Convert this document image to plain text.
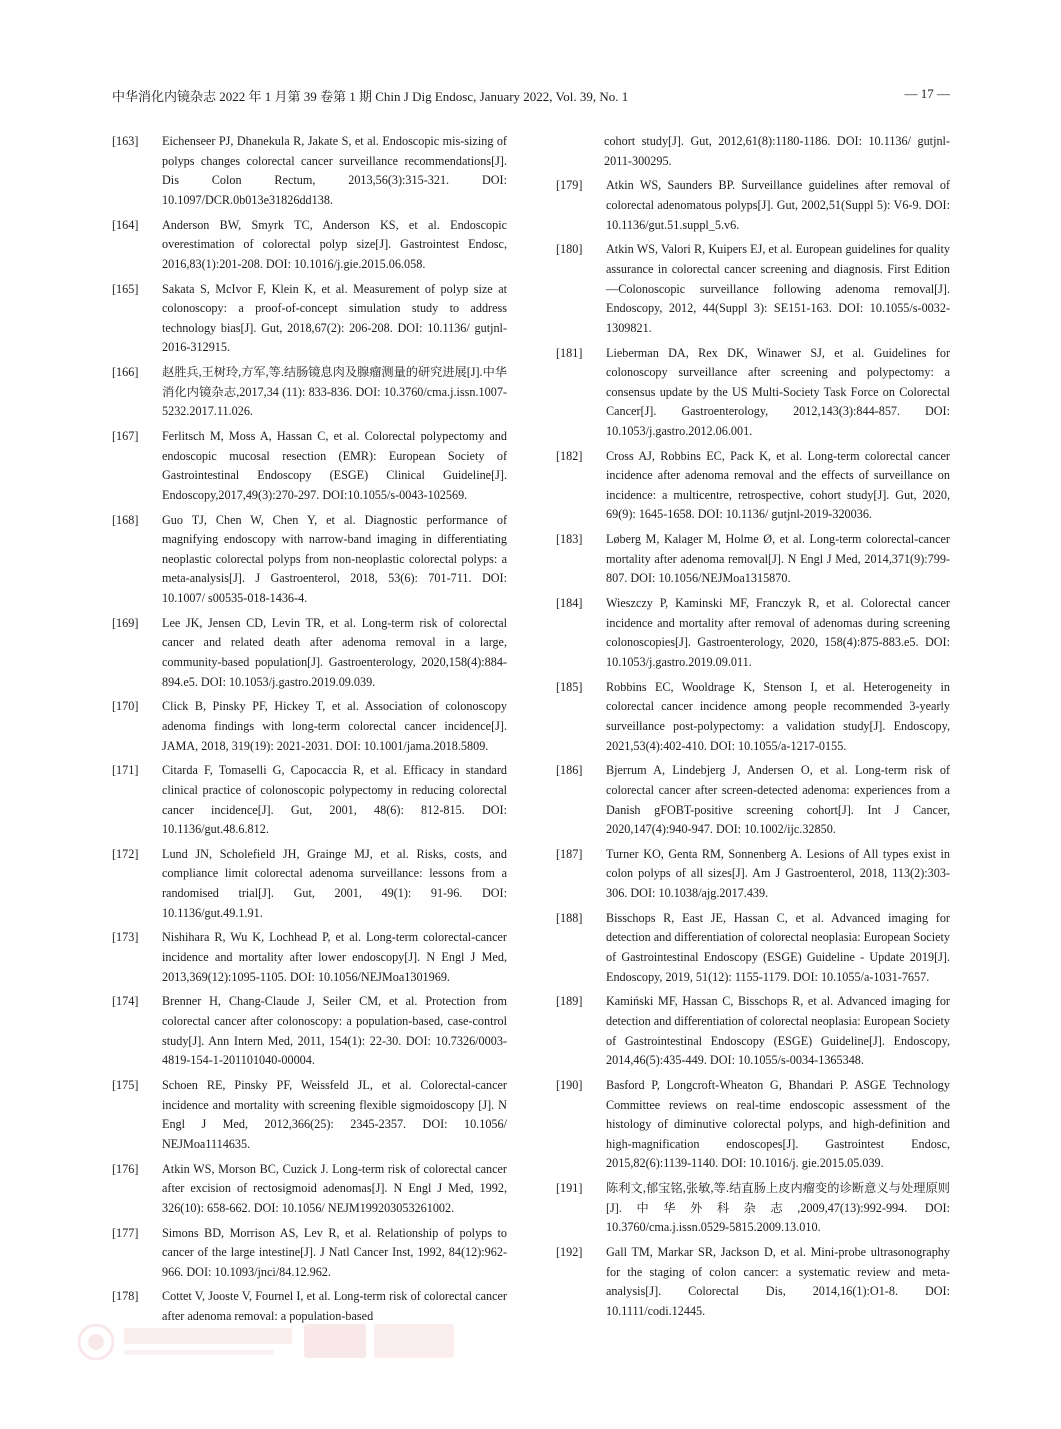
中华消化内镜杂志 2022 年 1 月第 39 卷第 1 期 Chin J Dig Endosc, January 2022, Vol. 39, No. 1	— 17 —
[163] Eichenseer PJ, Dhanekula R, Jakate S, et al. Endoscopic mis-sizing of polyps changes colorectal cancer surveillance recommendations[J]. Dis Colon Rectum, 2013,56(3):315-321. DOI: 10.1097/DCR.0b013e31826dd138.
[164] Anderson BW, Smyrk TC, Anderson KS, et al. Endoscopic overestimation of colorectal polyp size[J]. Gastrointest Endosc, 2016,83(1):201-208. DOI: 10.1016/j.gie.2015.06.058.
[165] Sakata S, McIvor F, Klein K, et al. Measurement of polyp size at colonoscopy: a proof-of-concept simulation study to address technology bias[J]. Gut, 2018,67(2): 206-208. DOI: 10.1136/ gutjnl-2016-312915.
[166] 赵胜兵,王树玲,方军,等.结肠镜息肉及腺瘤测量的研究进展[J].中华消化内镜杂志,2017,34 (11): 833-836. DOI: 10.3760/cma.j.issn.1007-5232.2017.11.026.
[167] Ferlitsch M, Moss A, Hassan C, et al. Colorectal polypectomy and endoscopic mucosal resection (EMR): European Society of Gastrointestinal Endoscopy (ESGE) Clinical Guideline[J]. Endoscopy,2017,49(3):270-297. DOI:10.1055/s-0043-102569.
[168] Guo TJ, Chen W, Chen Y, et al. Diagnostic performance of magnifying endoscopy with narrow-band imaging in differentiating neoplastic colorectal polyps from non-neoplastic colorectal polyps: a meta-analysis[J]. J Gastroenterol, 2018, 53(6): 701-711. DOI: 10.1007/ s00535-018-1436-4.
[169] Lee JK, Jensen CD, Levin TR, et al. Long-term risk of colorectal cancer and related death after adenoma removal in a large, community-based population[J]. Gastroenterology, 2020,158(4):884-894.e5. DOI: 10.1053/j.gastro.2019.09.039.
[170] Click B, Pinsky PF, Hickey T, et al. Association of colonoscopy adenoma findings with long-term colorectal cancer incidence[J]. JAMA, 2018, 319(19): 2021-2031. DOI: 10.1001/jama.2018.5809.
[171] Citarda F, Tomaselli G, Capocaccia R, et al. Efficacy in standard clinical practice of colonoscopic polypectomy in reducing colorectal cancer incidence[J]. Gut, 2001, 48(6): 812-815. DOI: 10.1136/gut.48.6.812.
[172] Lund JN, Scholefield JH, Grainge MJ, et al. Risks, costs, and compliance limit colorectal adenoma surveillance: lessons from a randomised trial[J]. Gut, 2001, 49(1): 91-96. DOI: 10.1136/gut.49.1.91.
[173] Nishihara R, Wu K, Lochhead P, et al. Long-term colorectal-cancer incidence and mortality after lower endoscopy[J]. N Engl J Med, 2013,369(12):1095-1105. DOI: 10.1056/NEJMoa1301969.
[174] Brenner H, Chang-Claude J, Seiler CM, et al. Protection from colorectal cancer after colonoscopy: a population-based, case-control study[J]. Ann Intern Med, 2011, 154(1): 22-30. DOI: 10.7326/0003-4819-154-1-201101040-00004.
[175] Schoen RE, Pinsky PF, Weissfeld JL, et al. Colorectal-cancer incidence and mortality with screening flexible sigmoidoscopy [J]. N Engl J Med, 2012,366(25): 2345-2357. DOI: 10.1056/ NEJMoa1114635.
[176] Atkin WS, Morson BC, Cuzick J. Long-term risk of colorectal cancer after excision of rectosigmoid adenomas[J]. N Engl J Med, 1992, 326(10): 658-662. DOI: 10.1056/ NEJM199203053261002.
[177] Simons BD, Morrison AS, Lev R, et al. Relationship of polyps to cancer of the large intestine[J]. J Natl Cancer Inst, 1992, 84(12):962-966. DOI: 10.1093/jnci/84.12.962.
[178] Cottet V, Jooste V, Fournel I, et al. Long-term risk of colorectal cancer after adenoma removal: a population-based
cohort study[J]. Gut, 2012,61(8):1180-1186. DOI: 10.1136/ gutjnl-2011-300295.
[179] Atkin WS, Saunders BP. Surveillance guidelines after removal of colorectal adenomatous polyps[J]. Gut, 2002,51(Suppl 5): V6-9. DOI: 10.1136/gut.51.suppl_5.v6.
[180] Atkin WS, Valori R, Kuipers EJ, et al. European guidelines for quality assurance in colorectal cancer screening and diagnosis. First Edition—Colonoscopic surveillance following adenoma removal[J]. Endoscopy, 2012, 44(Suppl 3): SE151-163. DOI: 10.1055/s-0032-1309821.
[181] Lieberman DA, Rex DK, Winawer SJ, et al. Guidelines for colonoscopy surveillance after screening and polypectomy: a consensus update by the US Multi-Society Task Force on Colorectal Cancer[J]. Gastroenterology, 2012,143(3):844-857. DOI: 10.1053/j.gastro.2012.06.001.
[182] Cross AJ, Robbins EC, Pack K, et al. Long-term colorectal cancer incidence after adenoma removal and the effects of surveillance on incidence: a multicentre, retrospective, cohort study[J]. Gut, 2020, 69(9): 1645-1658. DOI: 10.1136/ gutjnl-2019-320036.
[183] Løberg M, Kalager M, Holme Ø, et al. Long-term colorectal-cancer mortality after adenoma removal[J]. N Engl J Med, 2014,371(9):799-807. DOI: 10.1056/NEJMoa1315870.
[184] Wieszczy P, Kaminski MF, Franczyk R, et al. Colorectal cancer incidence and mortality after removal of adenomas during screening colonoscopies[J]. Gastroenterology, 2020, 158(4):875-883.e5. DOI: 10.1053/j.gastro.2019.09.011.
[185] Robbins EC, Wooldrage K, Stenson I, et al. Heterogeneity in colorectal cancer incidence among people recommended 3-yearly surveillance post-polypectomy: a validation study[J]. Endoscopy, 2021,53(4):402-410. DOI: 10.1055/a-1217-0155.
[186] Bjerrum A, Lindebjerg J, Andersen O, et al. Long-term risk of colorectal cancer after screen-detected adenoma: experiences from a Danish gFOBT-positive screening cohort[J]. Int J Cancer, 2020,147(4):940-947. DOI: 10.1002/ijc.32850.
[187] Turner KO, Genta RM, Sonnenberg A. Lesions of All types exist in colon polyps of all sizes[J]. Am J Gastroenterol, 2018, 113(2):303-306. DOI: 10.1038/ajg.2017.439.
[188] Bisschops R, East JE, Hassan C, et al. Advanced imaging for detection and differentiation of colorectal neoplasia: European Society of Gastrointestinal Endoscopy (ESGE) Guideline - Update 2019[J]. Endoscopy, 2019, 51(12): 1155-1179. DOI: 10.1055/a-1031-7657.
[189] Kamiński MF, Hassan C, Bisschops R, et al. Advanced imaging for detection and differentiation of colorectal neoplasia: European Society of Gastrointestinal Endoscopy (ESGE) Guideline[J]. Endoscopy, 2014,46(5):435-449. DOI: 10.1055/s-0034-1365348.
[190] Basford P, Longcroft-Wheaton G, Bhandari P. ASGE Technology Committee reviews on real-time endoscopic assessment of the histology of diminutive colorectal polyps, and high-definition and high-magnification endoscopes[J]. Gastrointest Endosc, 2015,82(6):1139-1140. DOI: 10.1016/j. gie.2015.05.039.
[191] 陈利文,郁宝铭,张敏,等.结直肠上皮内瘤变的诊断意义与处理原则[J].中华外科杂志,2009,47(13):992-994. DOI: 10.3760/cma.j.issn.0529-5815.2009.13.010.
[192] Gall TM, Markar SR, Jackson D, et al. Mini-probe ultrasonography for the staging of colon cancer: a systematic review and meta-analysis[J]. Colorectal Dis, 2014,16(1):O1-8. DOI: 10.1111/codi.12445.
